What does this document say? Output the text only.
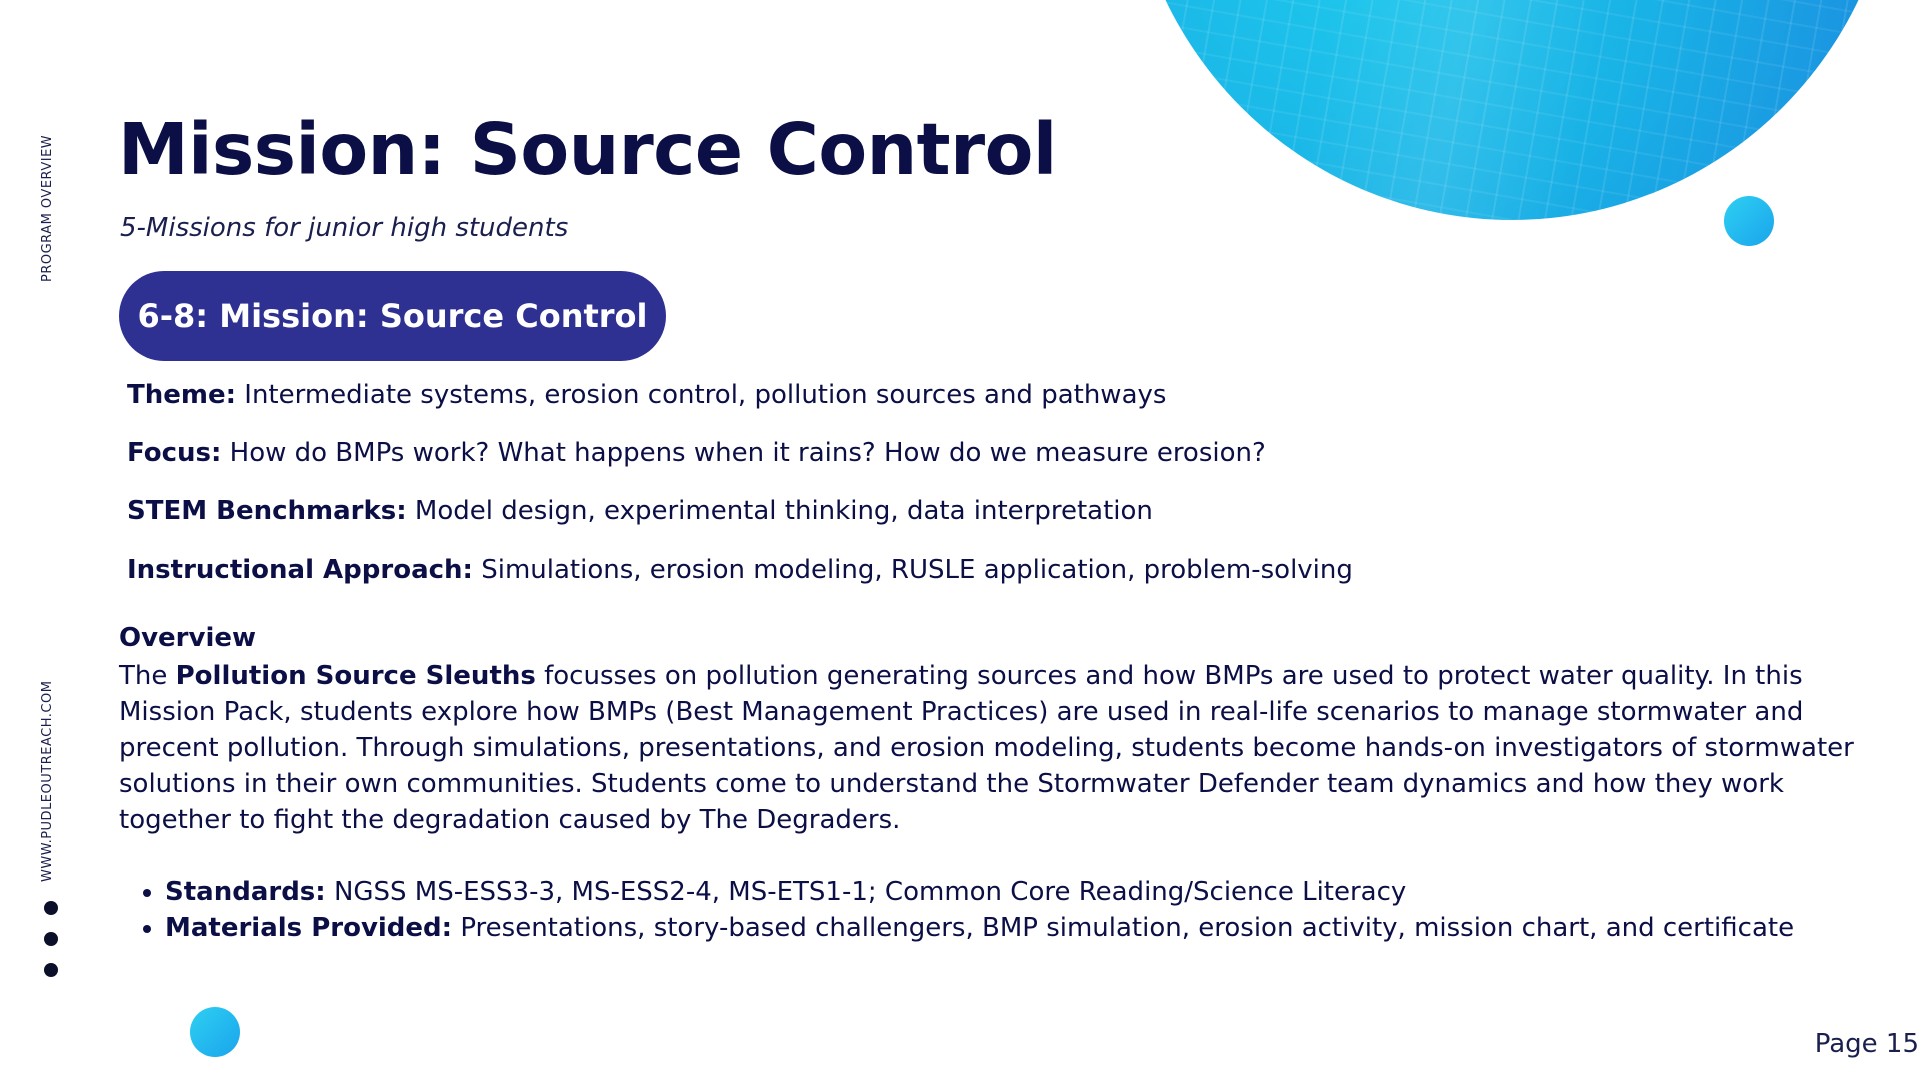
PROGRAM OVERVIEW
WWW.PUDLEOUTREACH.COM
Mission: Source Control
5-Missions for junior high students
6-8: Mission: Source Control
Theme: Intermediate systems, erosion control, pollution sources and pathways
Focus: How do BMPs work? What happens when it rains? How do we measure erosion?
STEM Benchmarks: Model design, experimental thinking, data interpretation
Instructional Approach: Simulations, erosion modeling, RUSLE application, problem-solving
Overview

The Pollution Source Sleuths focusses on pollution generating sources and how BMPs are used to protect water quality. In this Mission Pack, students explore how BMPs (Best Management Practices) are used in real-life scenarios to manage stormwater and precent pollution. Through simulations, presentations, and erosion modeling, students become hands-on investigators of stormwater solutions in their own communities. Students come to understand the Stormwater Defender team dynamics and how they work together to fight the degradation caused by The Degraders.

• Standards: NGSS MS-ESS3-3, MS-ESS2-4, MS-ETS1-1; Common Core Reading/Science Literacy
• Materials Provided: Presentations, story-based challengers, BMP simulation, erosion activity, mission chart, and certificate
Page 15
